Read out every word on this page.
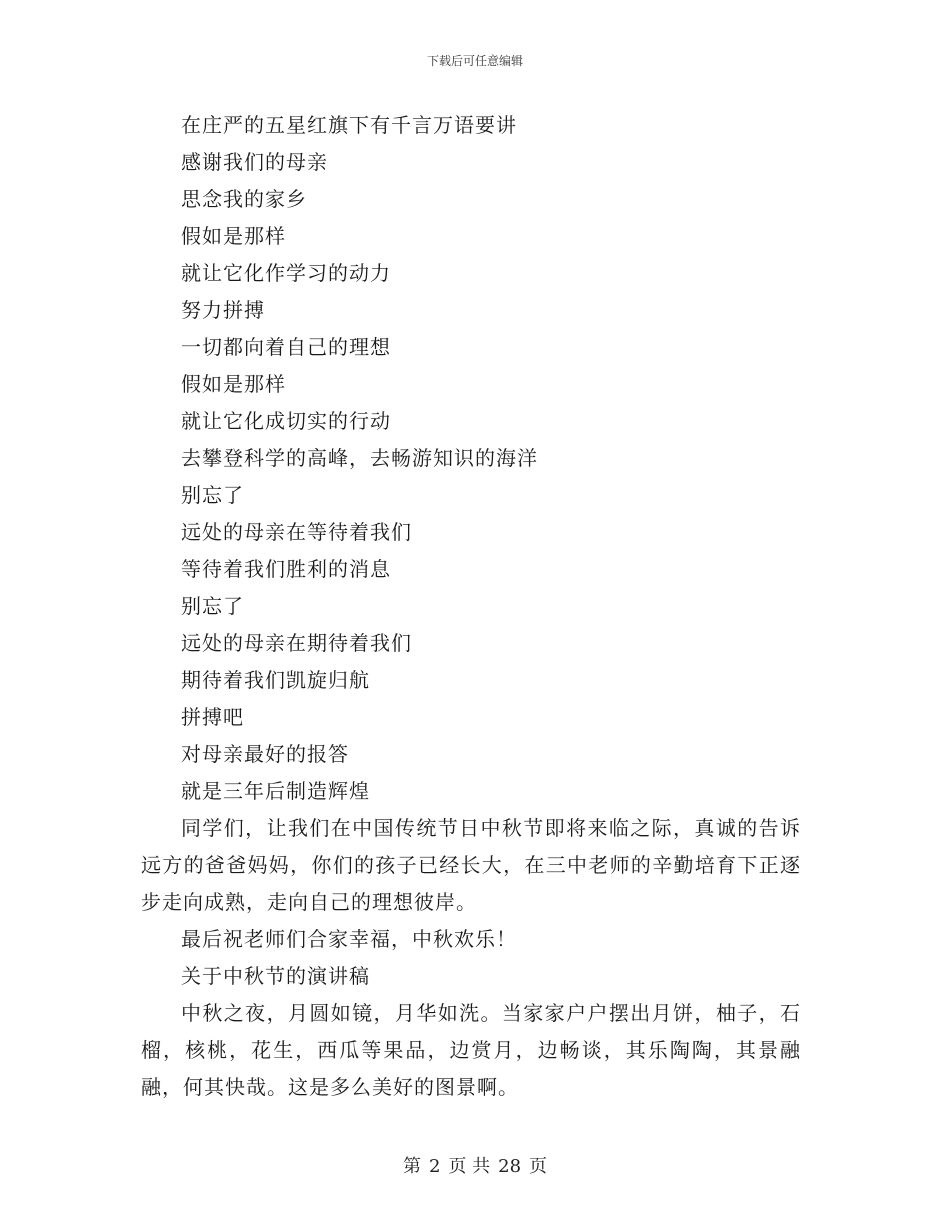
下载后可任意编辑
在庄严的五星红旗下有千言万语要讲
感谢我们的母亲
思念我的家乡
假如是那样
就让它化作学习的动力
努力拼搏
一切都向着自己的理想
假如是那样
就让它化成切实的行动
去攀登科学的高峰，去畅游知识的海洋
别忘了
远处的母亲在等待着我们
等待着我们胜利的消息
别忘了
远处的母亲在期待着我们
期待着我们凯旋归航
拼搏吧
对母亲最好的报答
就是三年后制造辉煌
同学们，让我们在中国传统节日中秋节即将来临之际，真诚的告诉远方的爸爸妈妈，你们的孩子已经长大，在三中老师的辛勤培育下正逐步走向成熟，走向自己的理想彼岸。
最后祝老师们合家幸福，中秋欢乐！
关于中秋节的演讲稿
中秋之夜，月圆如镜，月华如洗。当家家户户摆出月饼，柚子，石榴，核桃，花生，西瓜等果品，边赏月，边畅谈，其乐陶陶，其景融融，何其快哉。这是多么美好的图景啊。
第 2 页 共 28 页
